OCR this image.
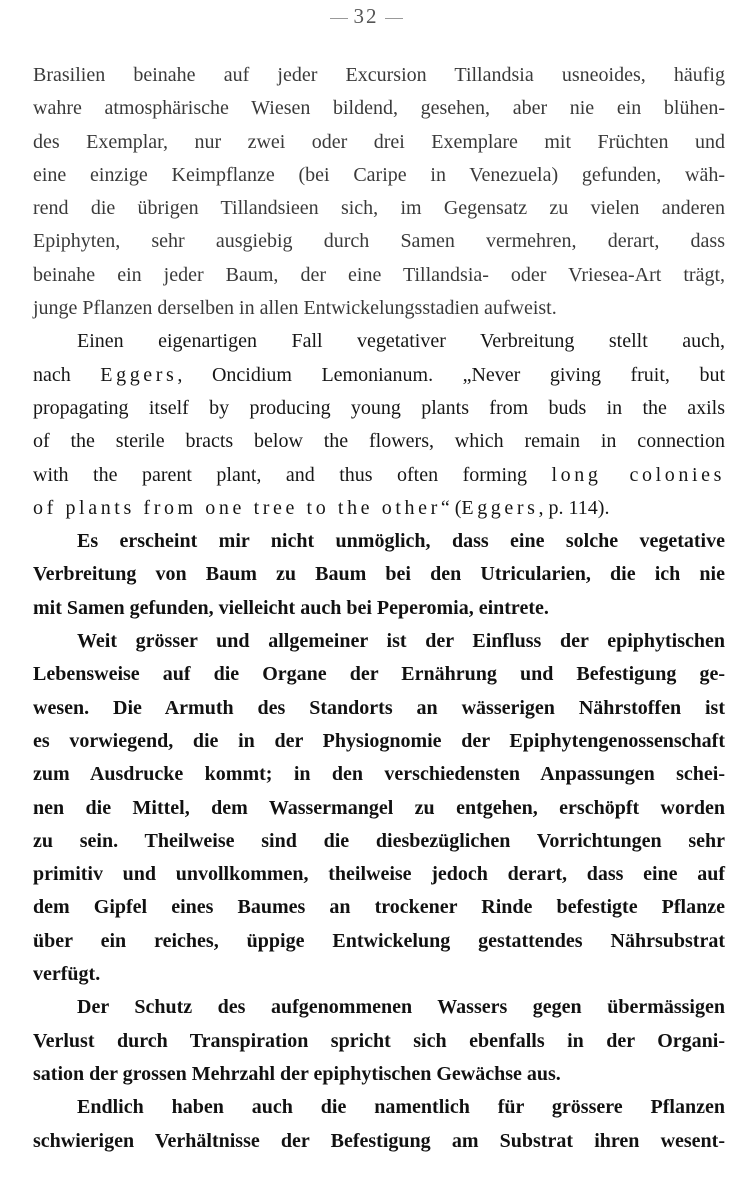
32
Brasilien beinahe auf jeder Excursion Tillandsia usneoides, häufig
wahre atmosphärische Wiesen bildend, gesehen, aber nie ein blühen-
des Exemplar, nur zwei oder drei Exemplare mit Früchten und
eine einzige Keimpflanze (bei Caripe in Venezuela) gefunden, wäh-
rend die übrigen Tillandsieen sich, im Gegensatz zu vielen anderen
Epiphyten, sehr ausgiebig durch Samen vermehren, derart, dass
beinahe ein jeder Baum, der eine Tillandsia- oder Vriesea-Art trägt,
junge Pflanzen derselben in allen Entwickelungsstadien aufweist.
Einen eigenartigen Fall vegetativer Verbreitung stellt auch,
nach Eggers, Oncidium Lemonianum. „Never giving fruit, but
propagating itself by producing young plants from buds in the axils
of the sterile bracts below the flowers, which remain in connection
with the parent plant, and thus often forming long colonies
of plants from one tree to the other“ (Eggers, p. 114).
Es erscheint mir nicht unmöglich, dass eine solche vegetative
Verbreitung von Baum zu Baum bei den Utricularien, die ich nie
mit Samen gefunden, vielleicht auch bei Peperomia, eintrete.
Weit grösser und allgemeiner ist der Einfluss der epiphytischen
Lebensweise auf die Organe der Ernährung und Befestigung ge-
wesen. Die Armuth des Standorts an wässerigen Nährstoffen ist
es vorwiegend, die in der Physiognomie der Epiphytengenossenschaft
zum Ausdrucke kommt; in den verschiedensten Anpassungen schei-
nen die Mittel, dem Wassermangel zu entgehen, erschöpft worden
zu sein. Theilweise sind die diesbezüglichen Vorrichtungen sehr
primitiv und unvollkommen, theilweise jedoch derart, dass eine auf
dem Gipfel eines Baumes an trockener Rinde befestigte Pflanze
über ein reiches, üppige Entwickelung gestattendes Nährsubstrat
verfügt.
Der Schutz des aufgenommenen Wassers gegen übermässigen
Verlust durch Transpiration spricht sich ebenfalls in der Organi-
sation der grossen Mehrzahl der epiphytischen Gewächse aus.
Endlich haben auch die namentlich für grössere Pflanzen
schwierigen Verhältnisse der Befestigung am Substrat ihren wesent-
